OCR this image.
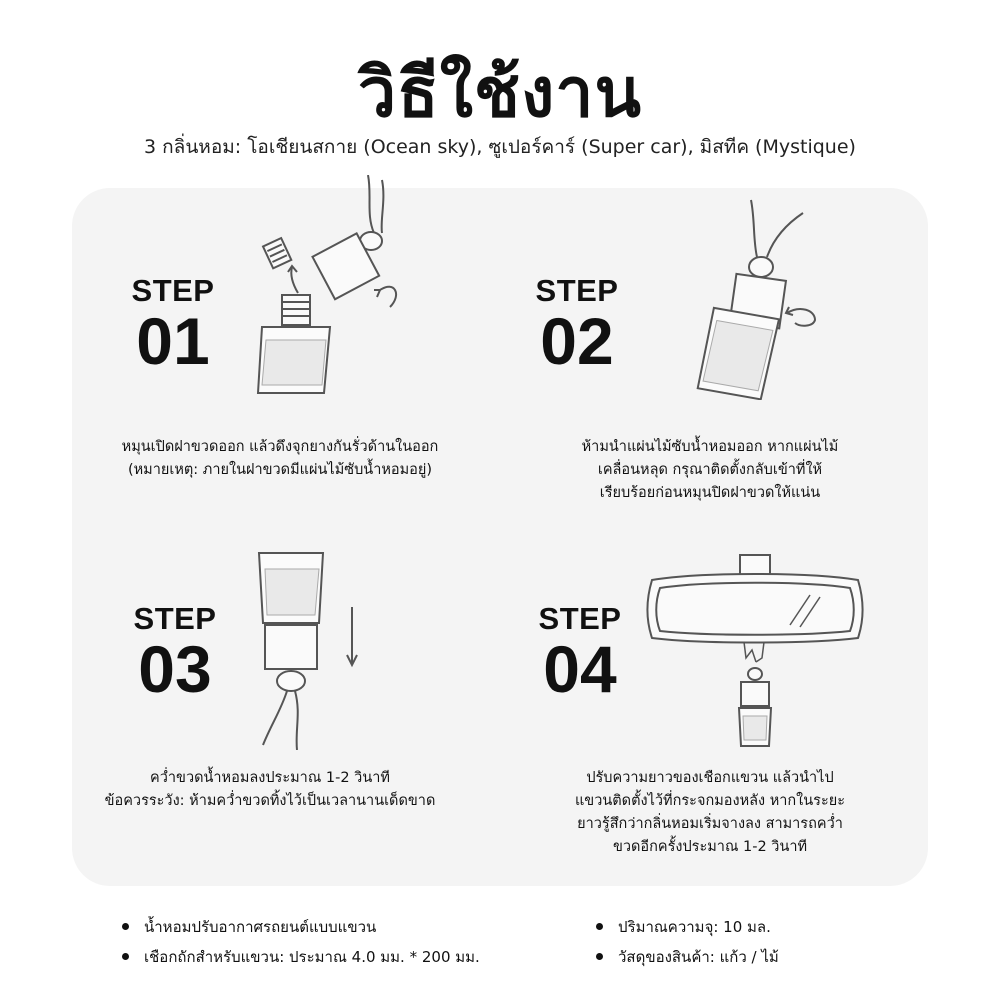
วิธีใช้งาน
3 กลิ่นหอม: โอเชียนสกาย (Ocean sky), ซูเปอร์คาร์ (Super car), มิสทีค (Mystique)
STEP
01
หมุนเปิดฝาขวดออก แล้วดึงจุกยางกันรั่วด้านในออก
(หมายเหตุ: ภายในฝาขวดมีแผ่นไม้ซับน้ำหอมอยู่)
STEP
02
ห้ามนำแผ่นไม้ซับน้ำหอมออก หากแผ่นไม้
เคลื่อนหลุด กรุณาติดตั้งกลับเข้าที่ให้
เรียบร้อยก่อนหมุนปิดฝาขวดให้แน่น
STEP
03
คว่ำขวดน้ำหอมลงประมาณ 1-2 วินาที
ข้อควรระวัง: ห้ามคว่ำขวดทิ้งไว้เป็นเวลานานเด็ดขาด
STEP
04
ปรับความยาวของเชือกแขวน แล้วนำไป
แขวนติดตั้งไว้ที่กระจกมองหลัง หากในระยะ
ยาวรู้สึกว่ากลิ่นหอมเริ่มจางลง สามารถคว่ำ
ขวดอีกครั้งประมาณ 1-2 วินาที
น้ำหอมปรับอากาศรถยนต์แบบแขวน
เชือกถักสำหรับแขวน: ประมาณ 4.0 มม. * 200 มม.
ปริมาณความจุ: 10 มล.
วัสดุของสินค้า: แก้ว / ไม้
